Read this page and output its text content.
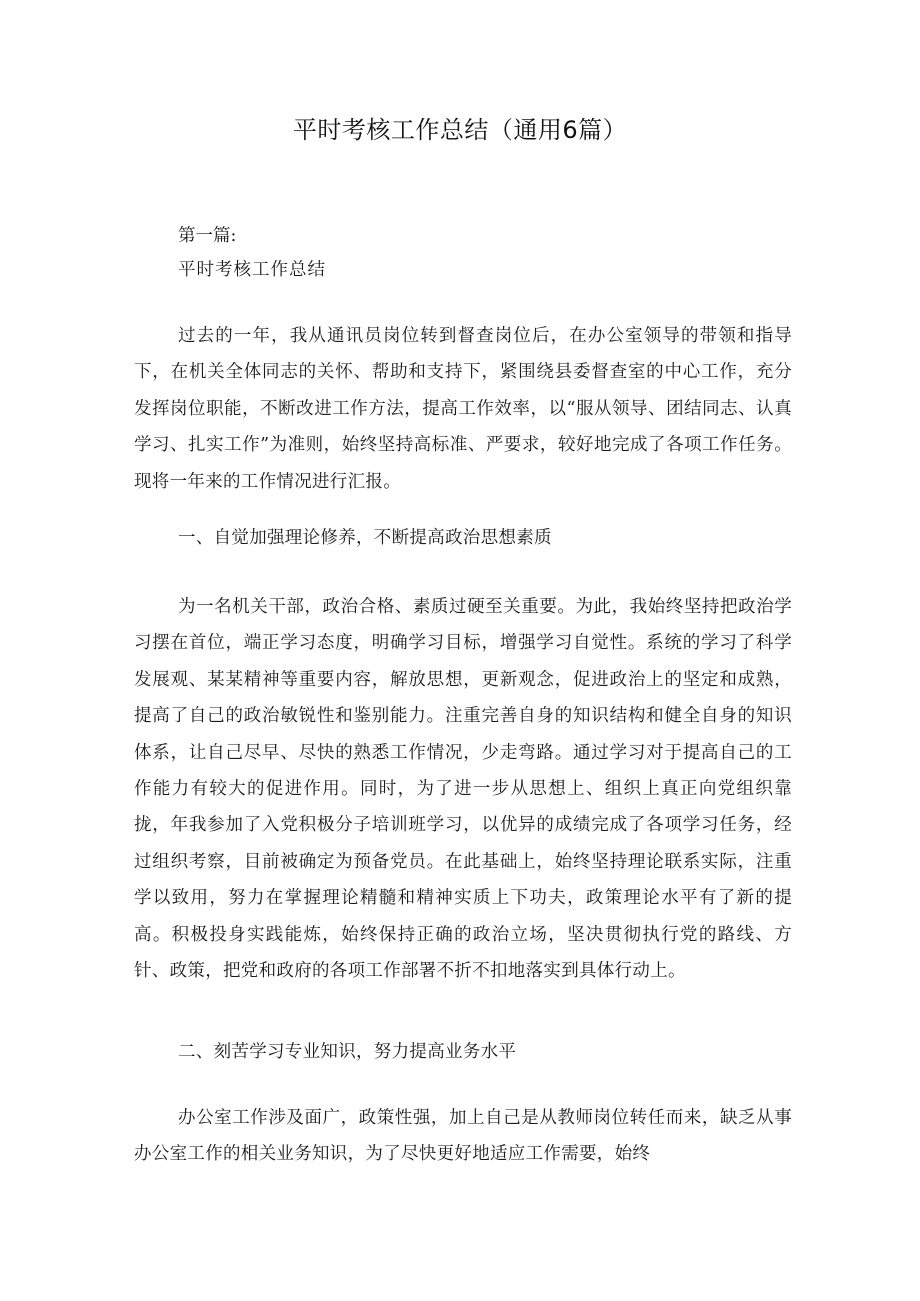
平时考核工作总结（通用6篇）

第一篇:

平时考核工作总结

过去的一年，我从通讯员岗位转到督查岗位后，在办公室领导的带领和指导下，在机关全体同志的关怀、帮助和支持下，紧围绕县委督查室的中心工作，充分发挥岗位职能，不断改进工作方法，提高工作效率，以“服从领导、团结同志、认真学习、扎实工作”为准则，始终坚持高标准、严要求，较好地完成了各项工作任务。现将一年来的工作情况进行汇报。

一、自觉加强理论修养，不断提高政治思想素质

为一名机关干部，政治合格、素质过硬至关重要。为此，我始终坚持把政治学习摆在首位，端正学习态度，明确学习目标，增强学习自觉性。系统的学习了科学发展观、某某精神等重要内容，解放思想，更新观念，促进政治上的坚定和成熟，提高了自己的政治敏锐性和鉴别能力。注重完善自身的知识结构和健全自身的知识体系，让自己尽早、尽快的熟悉工作情况，少走弯路。通过学习对于提高自己的工作能力有较大的促进作用。同时，为了进一步从思想上、组织上真正向党组织靠拢，年我参加了入党积极分子培训班学习，以优异的成绩完成了各项学习任务，经过组织考察，目前被确定为预备党员。在此基础上，始终坚持理论联系实际，注重学以致用，努力在掌握理论精髓和精神实质上下功夫，政策理论水平有了新的提高。积极投身实践能炼，始终保持正确的政治立场，坚决贯彻执行党的路线、方针、政策，把党和政府的各项工作部署不折不扣地落实到具体行动上。

二、刻苦学习专业知识，努力提高业务水平

办公室工作涉及面广，政策性强，加上自己是从教师岗位转任而来，缺乏从事办公室工作的相关业务知识，为了尽快更好地适应工作需要，始终
